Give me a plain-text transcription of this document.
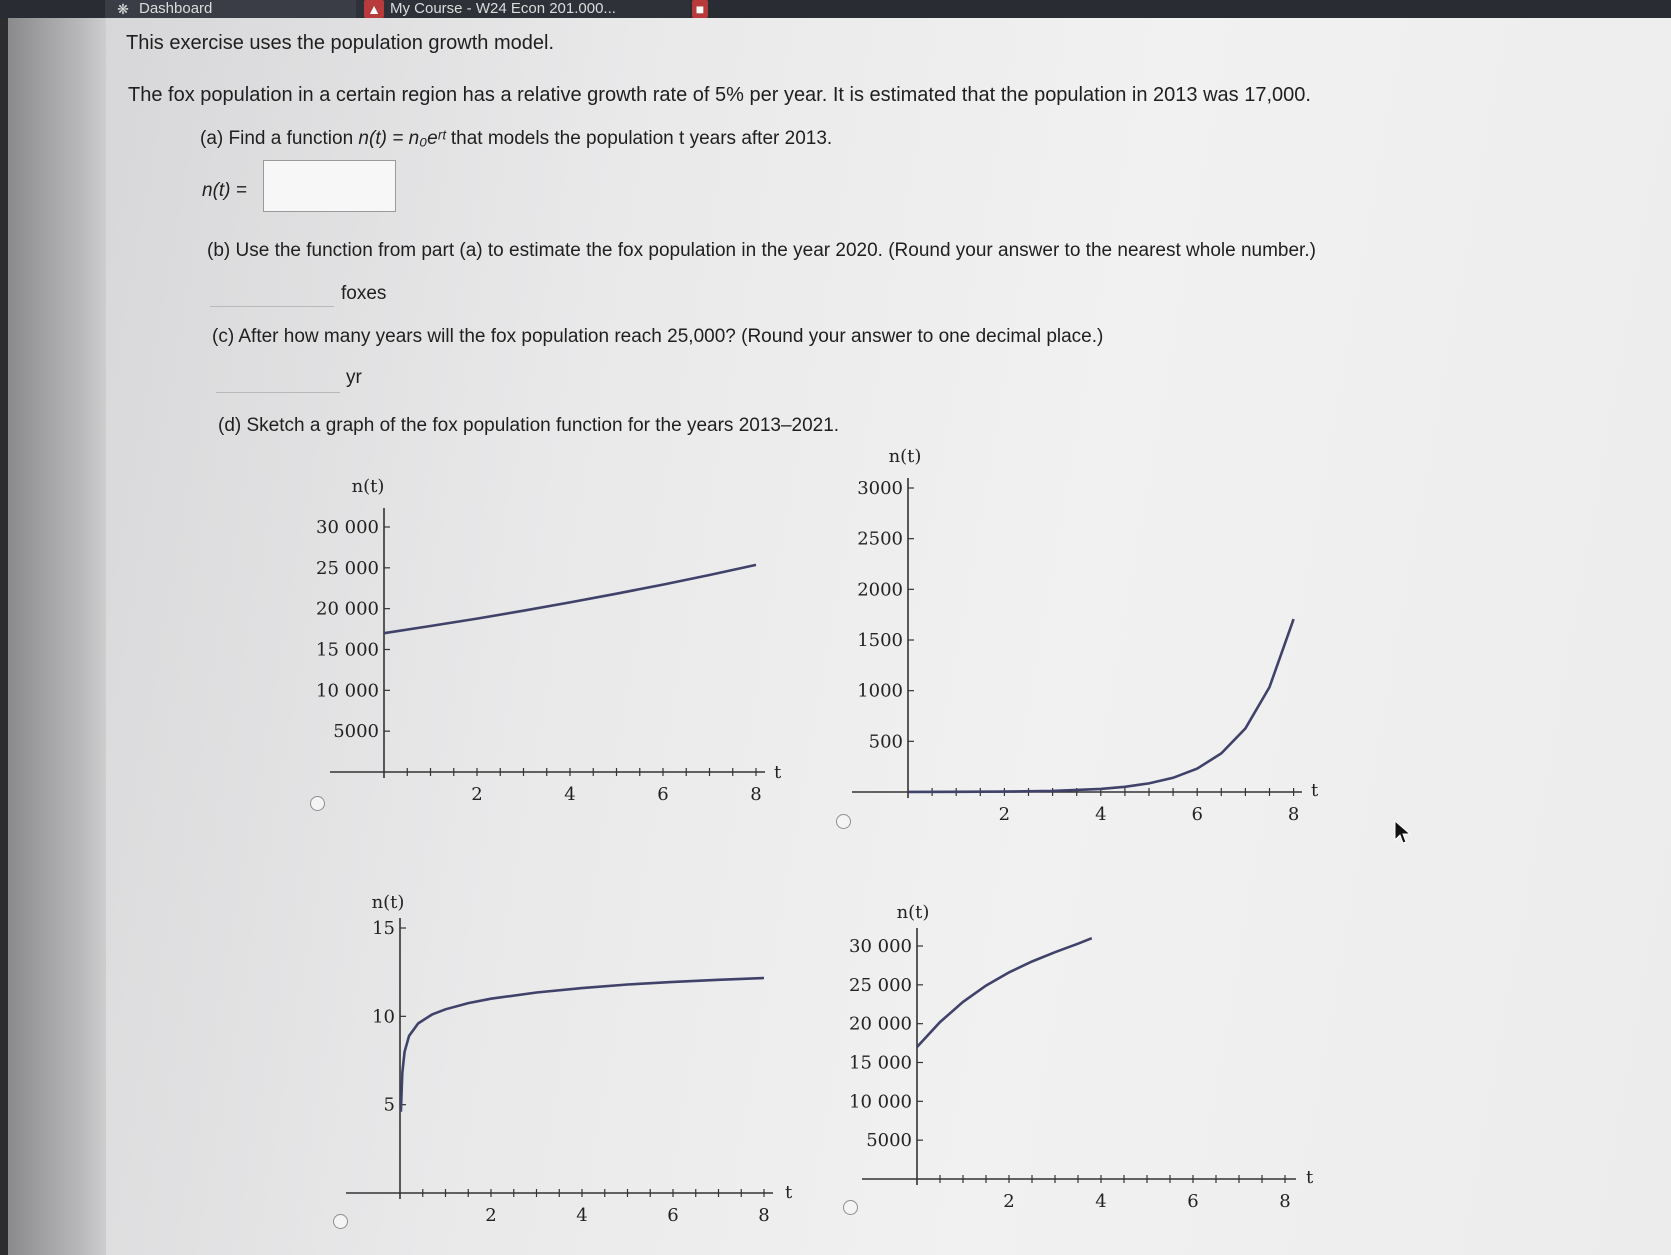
❋ Dashboard	▲ My Course - W24 Econ 201.000...	■
This exercise uses the population growth model.
The fox population in a certain region has a relative growth rate of 5% per year. It is estimated that the population in 2013 was 17,000.
(a) Find a function n(t) = n₀eʳᵗ that models the population t years after 2013.
n(t) =
(b) Use the function from part (a) to estimate the fox population in the year 2020. (Round your answer to the nearest whole number.)
foxes
(c) After how many years will the fox population reach 25,000? (Round your answer to one decimal place.)
yr
(d) Sketch a graph of the fox population function for the years 2013–2021.
2	4	6	8
5000
10 000
15 000
20 000
25 000
30 000
n(t)
t
2	4	6	8
500
1000
1500
2000
2500
3000
n(t)
t
2	4	6	8
5
10
15
n(t)
t	2	4	6	8
5000
10 000
15 000
20 000
25 000
30 000
n(t)
t
